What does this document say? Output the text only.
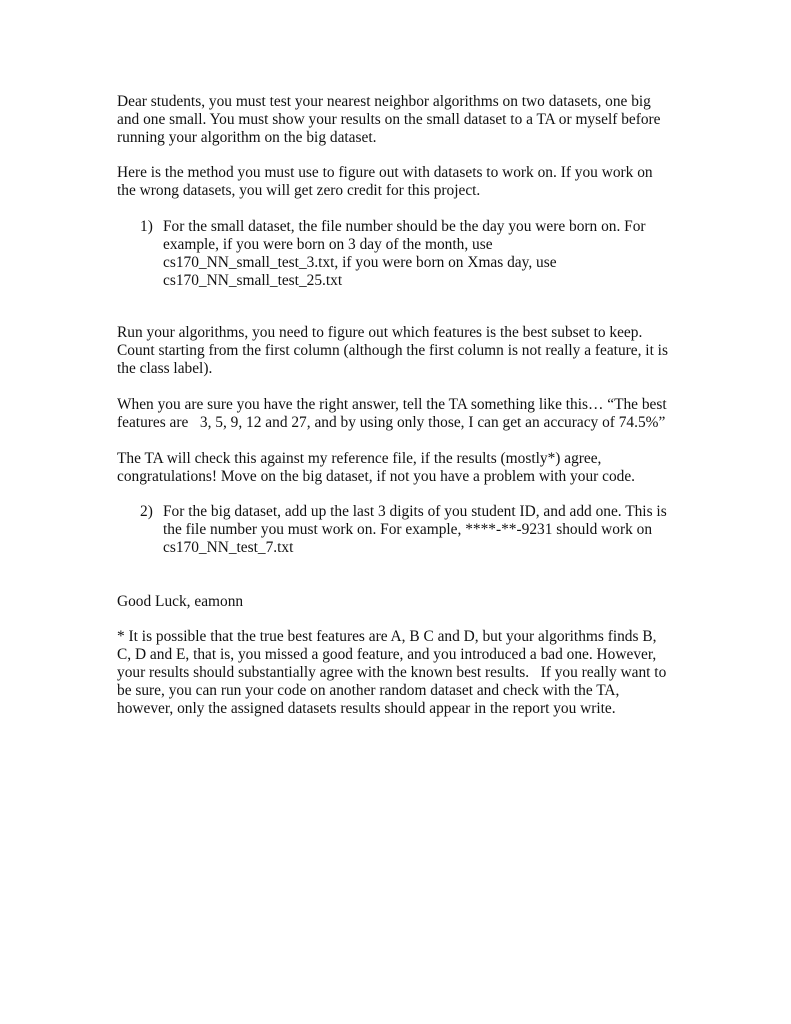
Dear students, you must test your nearest neighbor algorithms on two datasets, one big

and one small. You must show your results on the small dataset to a TA or myself before

running your algorithm on the big dataset.

Here is the method you must use to figure out with datasets to work on. If you work on

the wrong datasets, you will get zero credit for this project.

1) For the small dataset, the file number should be the day you were born on. For

example, if you were born on 3 day of the month, use

cs170_NN_small_test_3.txt, if you were born on Xmas day, use

cs170_NN_small_test_25.txt

Run your algorithms, you need to figure out which features is the best subset to keep.

Count starting from the first column (although the first column is not really a feature, it is

the class label).

When you are sure you have the right answer, tell the TA something like this… “The best

features are   3, 5, 9, 12 and 27, and by using only those, I can get an accuracy of 74.5%”

The TA will check this against my reference file, if the results (mostly*) agree,

congratulations! Move on the big dataset, if not you have a problem with your code.

2) For the big dataset, add up the last 3 digits of you student ID, and add one. This is

the file number you must work on. For example, ****-**-9231 should work on

cs170_NN_test_7.txt

Good Luck, eamonn

* It is possible that the true best features are A, B C and D, but your algorithms finds B,

C, D and E, that is, you missed a good feature, and you introduced a bad one. However,

your results should substantially agree with the known best results.   If you really want to

be sure, you can run your code on another random dataset and check with the TA,

however, only the assigned datasets results should appear in the report you write.
